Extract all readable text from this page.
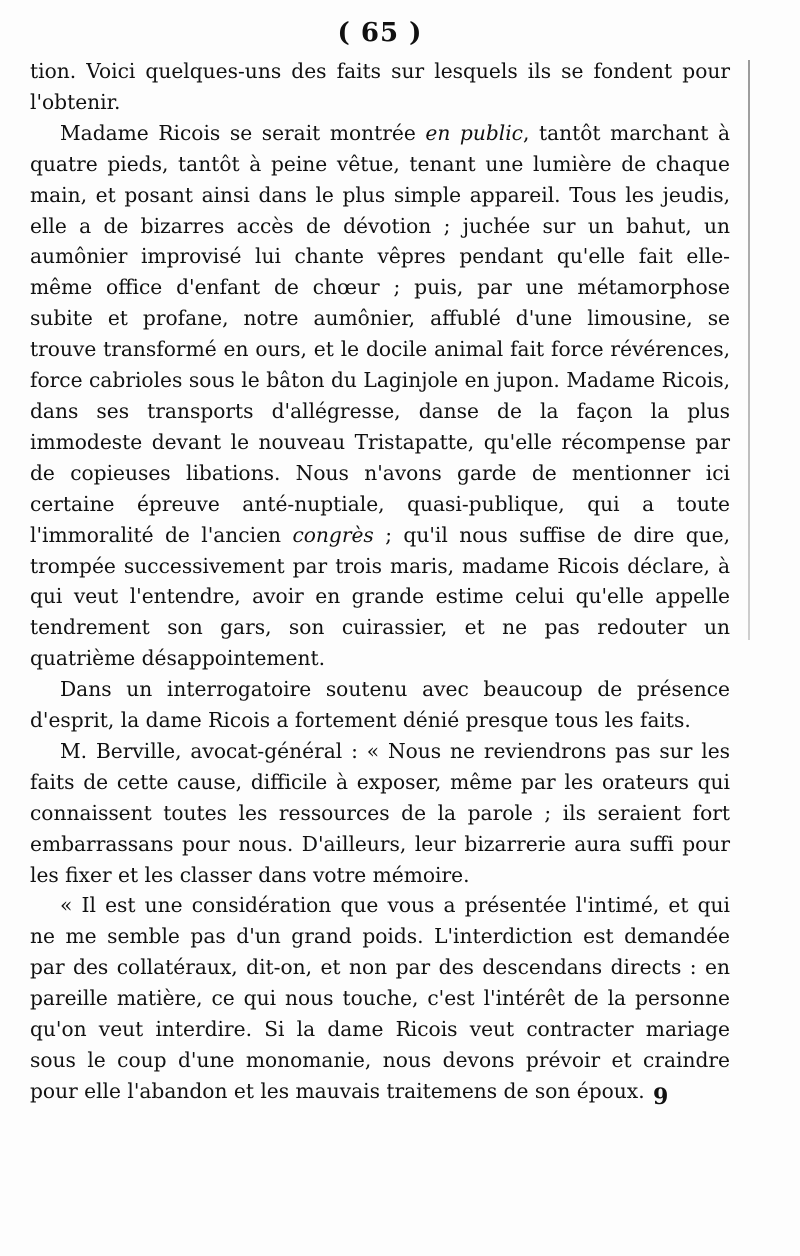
( 65 )

tion. Voici quelques-uns des faits sur lesquels ils se fondent pour l'obtenir.

Madame Ricois se serait montrée en public, tantôt marchant à quatre pieds, tantôt à peine vêtue, tenant une lumière de chaque main, et posant ainsi dans le plus simple appareil. Tous les jeudis, elle a de bizarres accès de dévotion ; juchée sur un bahut, un aumônier improvisé lui chante vêpres pendant qu'elle fait elle-même office d'enfant de chœur ; puis, par une métamorphose subite et profane, notre aumônier, affublé d'une limousine, se trouve transformé en ours, et le docile animal fait force révérences, force cabrioles sous le bâton du Laginjole en jupon. Madame Ricois, dans ses transports d'allégresse, danse de la façon la plus immodeste devant le nouveau Tristapatte, qu'elle récompense par de copieuses libations. Nous n'avons garde de mentionner ici certaine épreuve anté-nuptiale, quasi-publique, qui a toute l'immoralité de l'ancien congrès ; qu'il nous suffise de dire que, trompée successivement par trois maris, madame Ricois déclare, à qui veut l'entendre, avoir en grande estime celui qu'elle appelle tendrement son gars, son cuirassier, et ne pas redouter un quatrième désappointement.

Dans un interrogatoire soutenu avec beaucoup de présence d'esprit, la dame Ricois a fortement dénié presque tous les faits.

M. Berville, avocat-général : « Nous ne reviendrons pas sur les faits de cette cause, difficile à exposer, même par les orateurs qui connaissent toutes les ressources de la parole ; ils seraient fort embarrassans pour nous. D'ailleurs, leur bizarrerie aura suffi pour les fixer et les classer dans votre mémoire.

« Il est une considération que vous a présentée l'intimé, et qui ne me semble pas d'un grand poids. L'interdiction est demandée par des collatéraux, dit-on, et non par des descendans directs : en pareille matière, ce qui nous touche, c'est l'intérêt de la personne qu'on veut interdire. Si la dame Ricois veut contracter mariage sous le coup d'une monomanie, nous devons prévoir et craindre pour elle l'abandon et les mauvais traitemens de son époux. 9
